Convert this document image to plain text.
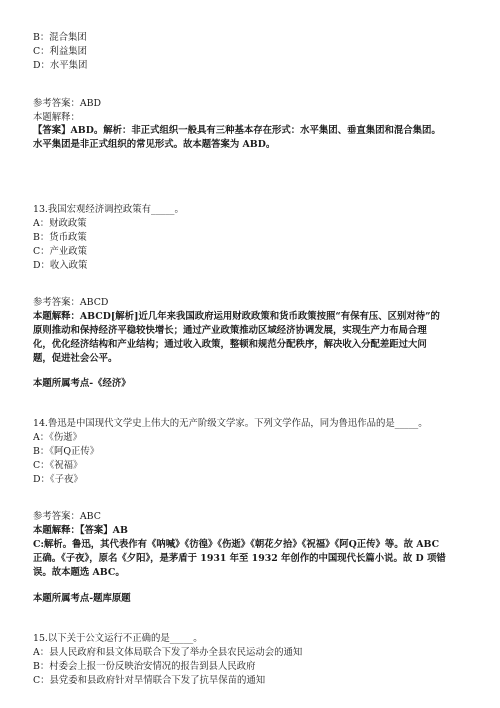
B：混合集团
C：利益集团
D：水平集团
参考答案：ABD
本题解释：
【答案】ABD。解析：非正式组织一般具有三种基本存在形式：水平集团、垂直集团和混合集团。
水平集团是非正式组织的常见形式。故本题答案为 ABD。
13.我国宏观经济调控政策有_____。
A：财政政策
B：货币政策
C：产业政策
D：收入政策
参考答案：ABCD
本题解释：ABCD[解析]近几年来我国政府运用财政政策和货币政策按照“有保有压、区别对待”的
原则推动和保持经济平稳较快增长；通过产业政策推动区域经济协调发展，实现生产力布局合理
化，优化经济结构和产业结构；通过收入政策，整顿和规范分配秩序，解决收入分配差距过大问
题，促进社会公平。
本题所属考点-《经济》
14.鲁迅是中国现代文学史上伟大的无产阶级文学家。下列文学作品，同为鲁迅作品的是_____。
A：《伤逝》
B：《阿Q正传》
C：《祝福》
D：《子夜》
参考答案：ABC
本题解释：【答案】AB
C:解析。鲁迅，其代表作有《呐喊》《彷徨》《伤逝》《朝花夕拾》《祝福》《阿Q正传》等。故 ABC
正确。《子夜》，原名《夕阳》，是茅盾于 1931 年至 1932 年创作的中国现代长篇小说。故 D 项错
误。故本题选 ABC。
本题所属考点-题库原题
15.以下关于公文运行不正确的是_____。
A：县人民政府和县文体局联合下发了举办全县农民运动会的通知
B：村委会上报一份反映治安情况的报告到县人民政府
C：县党委和县政府针对旱情联合下发了抗旱保苗的通知
